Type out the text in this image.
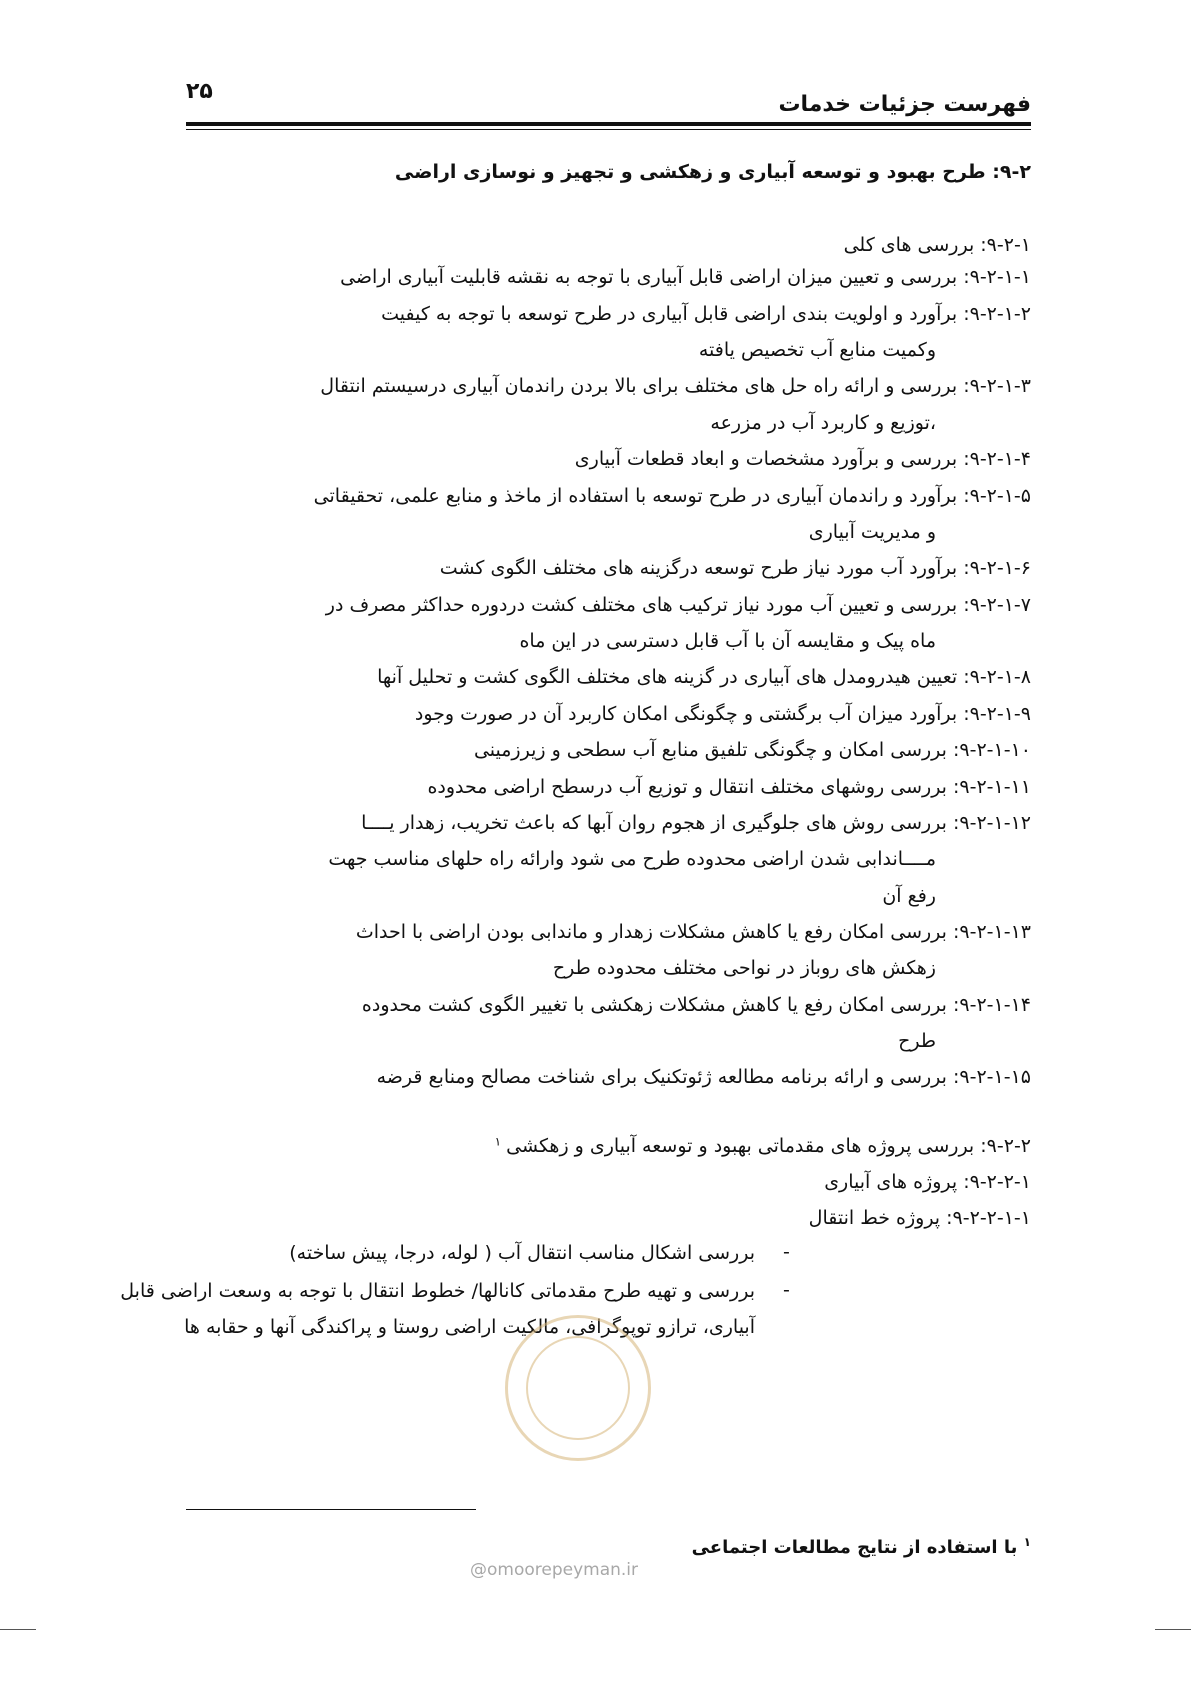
۲۵
فهرست جزئیات خدمات
۹-۲: طرح بهبود و توسعه آبیاری و زهکشی و تجهیز و نوسازی اراضی
۹-۲-۱: بررسی های کلی
۹-۲-۱-۱: بررسی و تعیین میزان اراضی قابل آبیاری با توجه به نقشه قابلیت آبیاری اراضی
۹-۲-۱-۲: برآورد و اولویت بندی اراضی قابل آبیاری در طرح توسعه با توجه به کیفیت
وکمیت منابع آب تخصیص یافته
۹-۲-۱-۳: بررسی و ارائه راه حل های مختلف برای بالا بردن راندمان آبیاری درسیستم انتقال
،توزیع و کاربرد آب در مزرعه
۹-۲-۱-۴: بررسی و برآورد مشخصات و ابعاد قطعات آبیاری
۹-۲-۱-۵: برآورد و راندمان آبیاری در طرح توسعه با استفاده از ماخذ و منابع علمی، تحقیقاتی
و مدیریت آبیاری
۹-۲-۱-۶: برآورد آب مورد نیاز طرح توسعه درگزینه های مختلف الگوی کشت
۹-۲-۱-۷: بررسی و تعیین آب مورد نیاز ترکیب های مختلف کشت دردوره حداکثر مصرف در
ماه پیک و مقایسه آن با آب قابل دسترسی در این ماه
۹-۲-۱-۸: تعیین هیدرومدل های آبیاری در گزینه های مختلف الگوی کشت و تحلیل آنها
۹-۲-۱-۹: برآورد میزان آب برگشتی و چگونگی امکان کاربرد آن در صورت وجود
۹-۲-۱-۱۰: بررسی امکان و چگونگی تلفیق منابع آب سطحی و زیرزمینی
۹-۲-۱-۱۱: بررسی روشهای مختلف انتقال و توزیع آب درسطح اراضی محدوده
۹-۲-۱-۱۲: بررسی روش های جلوگیری از هجوم روان آبها که باعث تخریب، زهدار یــــا
مــــاندابی شدن اراضی محدوده طرح می شود وارائه راه حلهای مناسب جهت
رفع آن
۹-۲-۱-۱۳: بررسی امکان رفع یا کاهش مشکلات زهدار و ماندابی بودن اراضی با احداث
زهکش های روباز در نواحی مختلف محدوده طرح
۹-۲-۱-۱۴: بررسی امکان رفع یا کاهش مشکلات زهکشی با تغییر الگوی کشت محدوده
طرح
۹-۲-۱-۱۵: بررسی و ارائه برنامه مطالعه ژئوتکنیک برای شناخت مصالح ومنابع قرضه
۹-۲-۲: بررسی پروژه های مقدماتی بهبود و توسعه آبیاری و زهکشی $^۱$
۹-۲-۲-۱: پروژه های آبیاری
۹-۲-۲-۱-۱: پروژه خط انتقال
-
بررسی اشکال مناسب انتقال آب ( لوله، درجا، پیش ساخته)
-
بررسی و تهیه طرح مقدماتی کانالها/ خطوط انتقال با توجه به وسعت اراضی قابل
آبیاری، ترازو توپوگرافی، مالکیت اراضی روستا و پراکندگی آنها و حقابه ها
@omoorepeyman.ir
$^۱$ با استفاده از نتایج مطالعات اجتماعی
